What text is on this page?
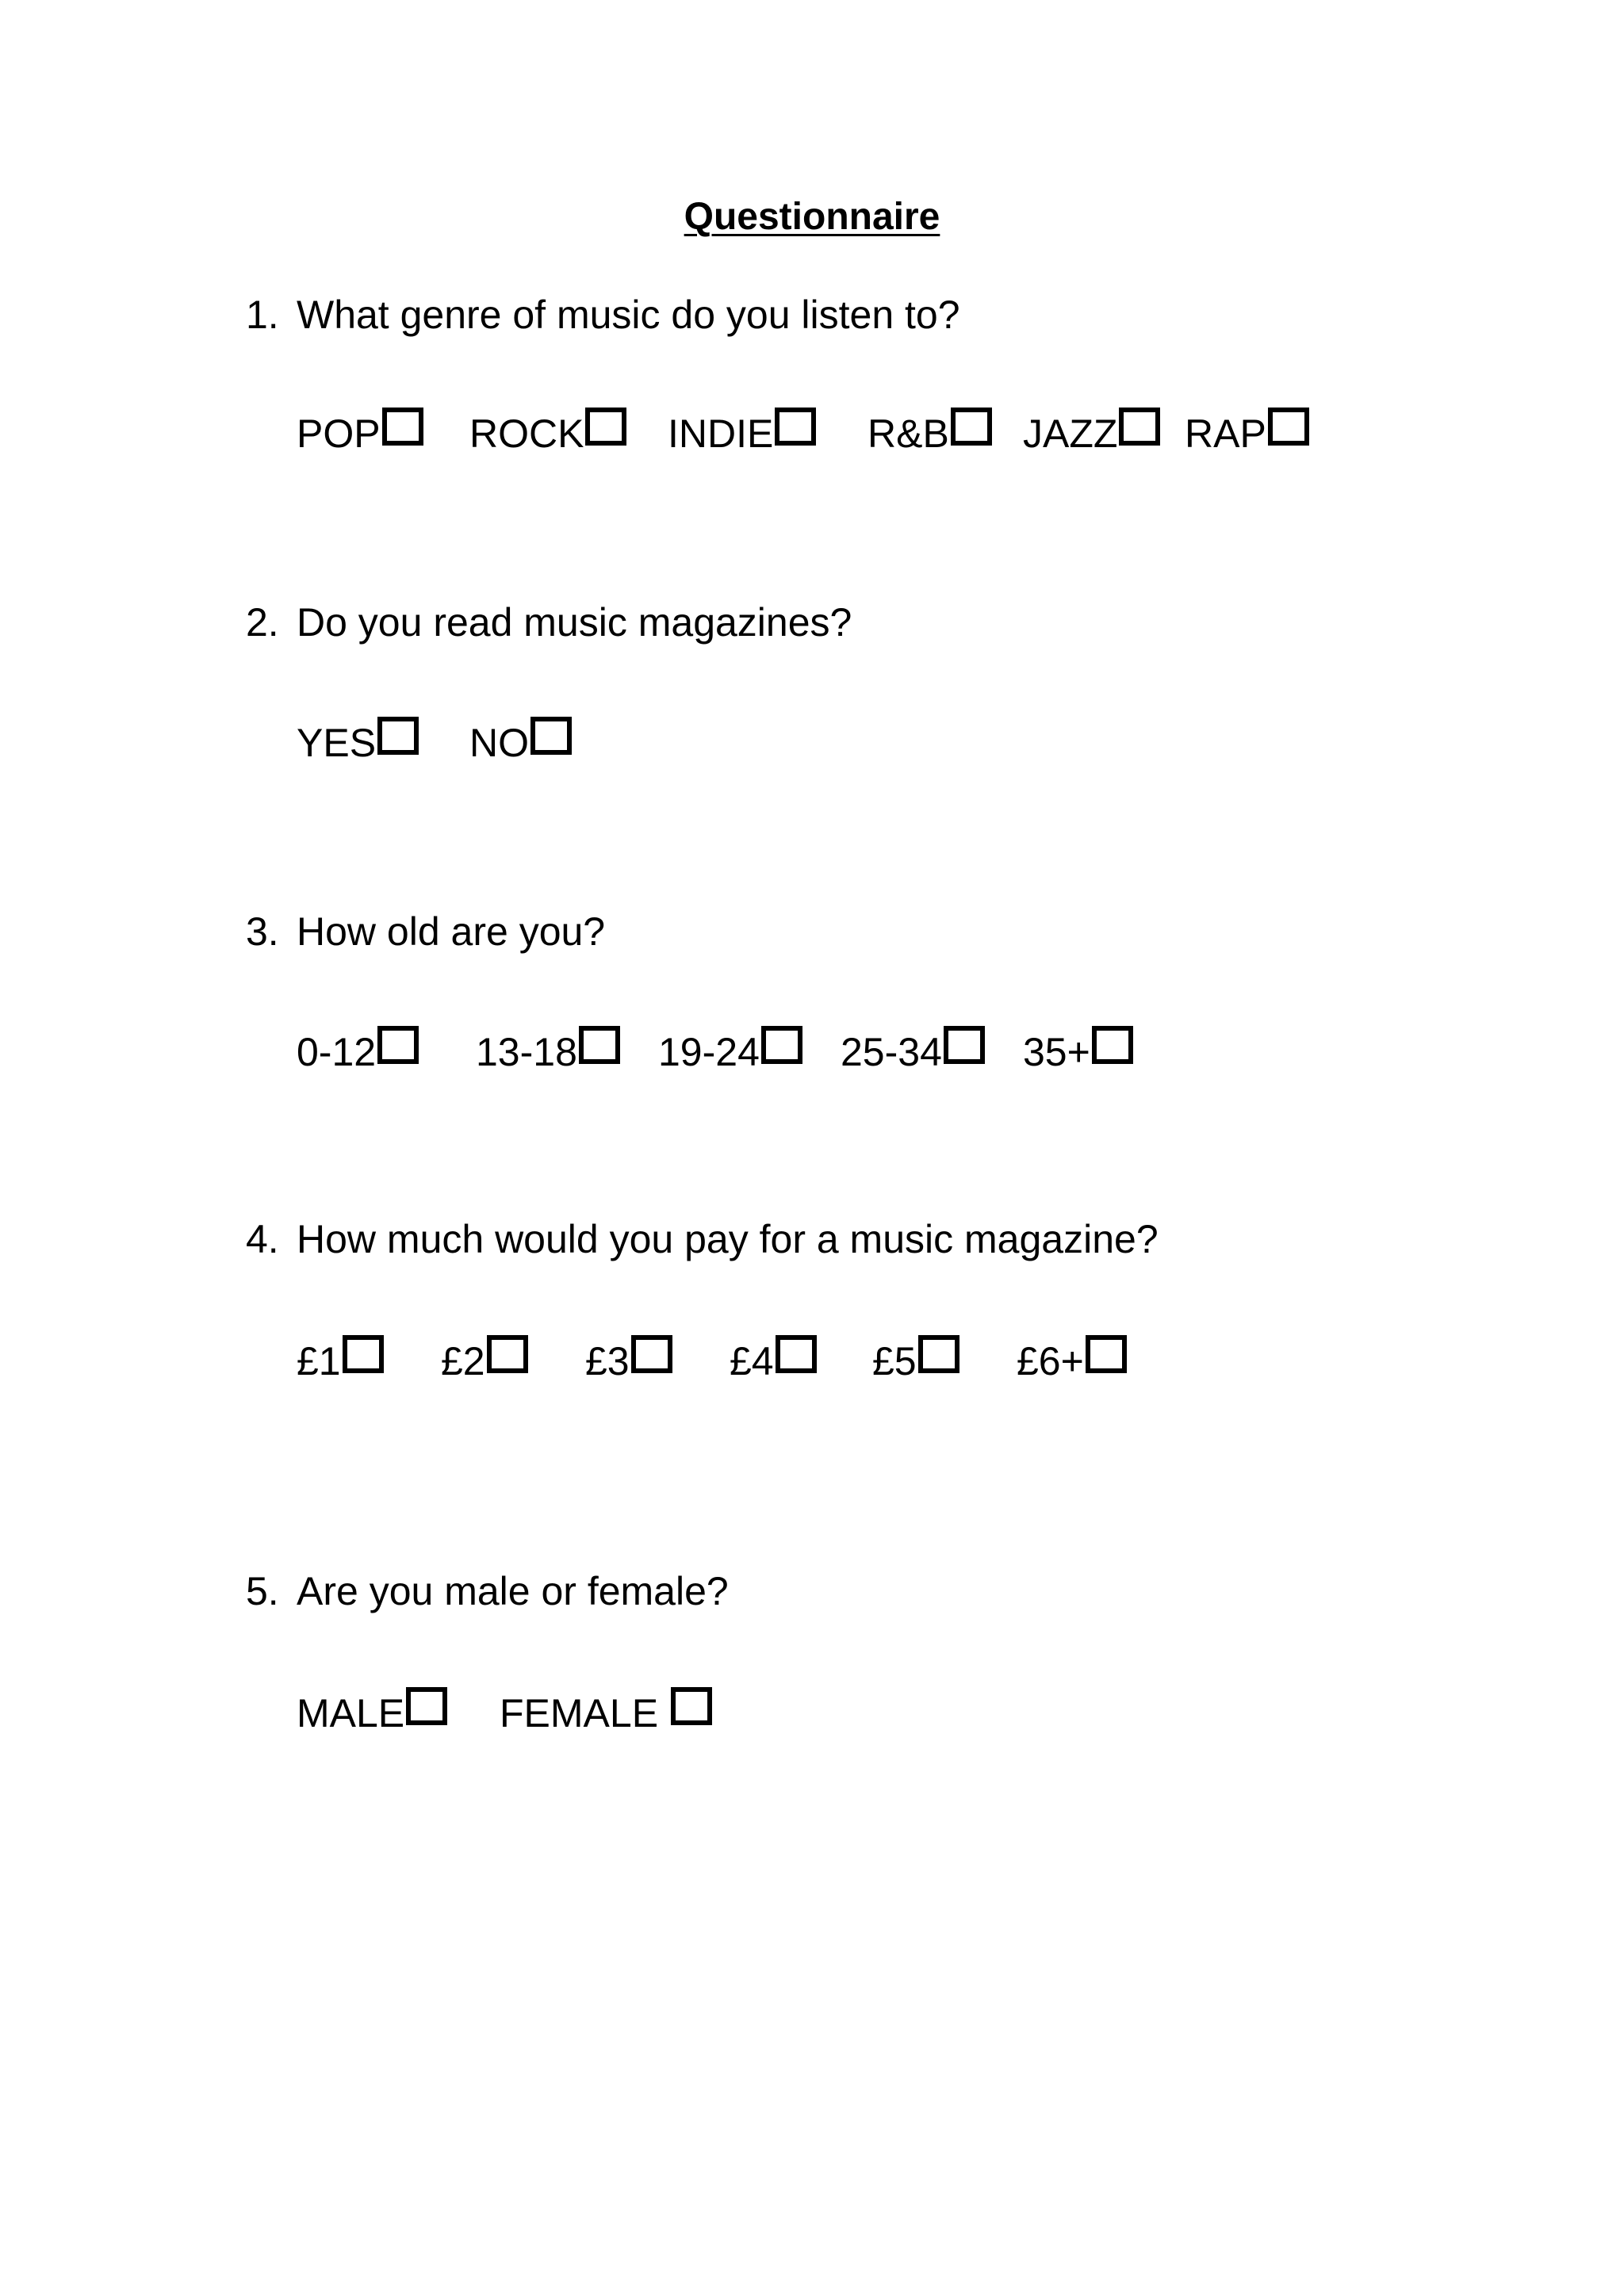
Questionnaire
1. What genre of music do you listen to?
POP ROCK INDIE R&B JAZZ RAP
2. Do you read music magazines?
YES NO
3. How old are you?
0-12	13-18 19-24 25-34 35+
4. How much would you pay for a music magazine?
£1	£2	£3	£4 £5	£6+
5. Are you male or female?
MALE FEMALE
